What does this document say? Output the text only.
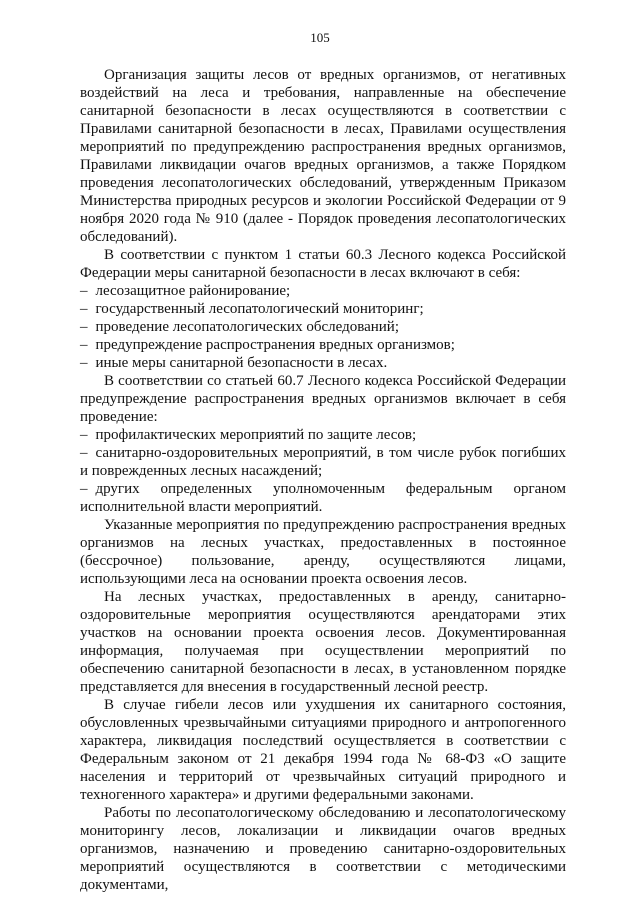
105

Организация защиты лесов от вредных организмов, от негативных воздействий на леса и требования, направленные на обеспечение санитарной безопасности в лесах осуществляются в соответствии с Правилами санитарной безопасности в лесах, Правилами осуществления мероприятий по предупреждению распространения вредных организмов, Правилами ликвидации очагов вредных организмов, а также Порядком проведения лесопатологических обследований, утвержденным Приказом Министерства природных ресурсов и экологии Российской Федерации от 9 ноября 2020 года № 910 (далее - Порядок проведения лесопатологических обследований).

В соответствии с пунктом 1 статьи 60.3 Лесного кодекса Российской Федерации меры санитарной безопасности в лесах включают в себя:

– лесозащитное районирование;

– государственный лесопатологический мониторинг;

– проведение лесопатологических обследований;

– предупреждение распространения вредных организмов;

– иные меры санитарной безопасности в лесах.

В соответствии со статьей 60.7 Лесного кодекса Российской Федерации предупреждение распространения вредных организмов включает в себя проведение:

– профилактических мероприятий по защите лесов;

– санитарно-оздоровительных мероприятий, в том числе рубок погибших и поврежденных лесных насаждений;

– других определенных уполномоченным федеральным органом исполнительной власти мероприятий.

Указанные мероприятия по предупреждению распространения вредных организмов на лесных участках, предоставленных в постоянное (бессрочное) пользование, аренду, осуществляются лицами, использующими леса на основании проекта освоения лесов.

На лесных участках, предоставленных в аренду, санитарно-оздоровительные мероприятия осуществляются арендаторами этих участков на основании проекта освоения лесов. Документированная информация, получаемая при осуществлении мероприятий по обеспечению санитарной безопасности в лесах, в установленном порядке представляется для внесения в государственный лесной реестр.

В случае гибели лесов или ухудшения их санитарного состояния, обусловленных чрезвычайными ситуациями природного и антропогенного характера, ликвидация последствий осуществляется в соответствии с Федеральным законом от 21 декабря 1994 года № 68-ФЗ «О защите населения и территорий от чрезвычайных ситуаций природного и техногенного характера» и другими федеральными законами.

Работы по лесопатологическому обследованию и лесопатологическому мониторингу лесов, локализации и ликвидации очагов вредных организмов, назначению и проведению санитарно-оздоровительных мероприятий осуществляются в соответствии с методическими документами,
